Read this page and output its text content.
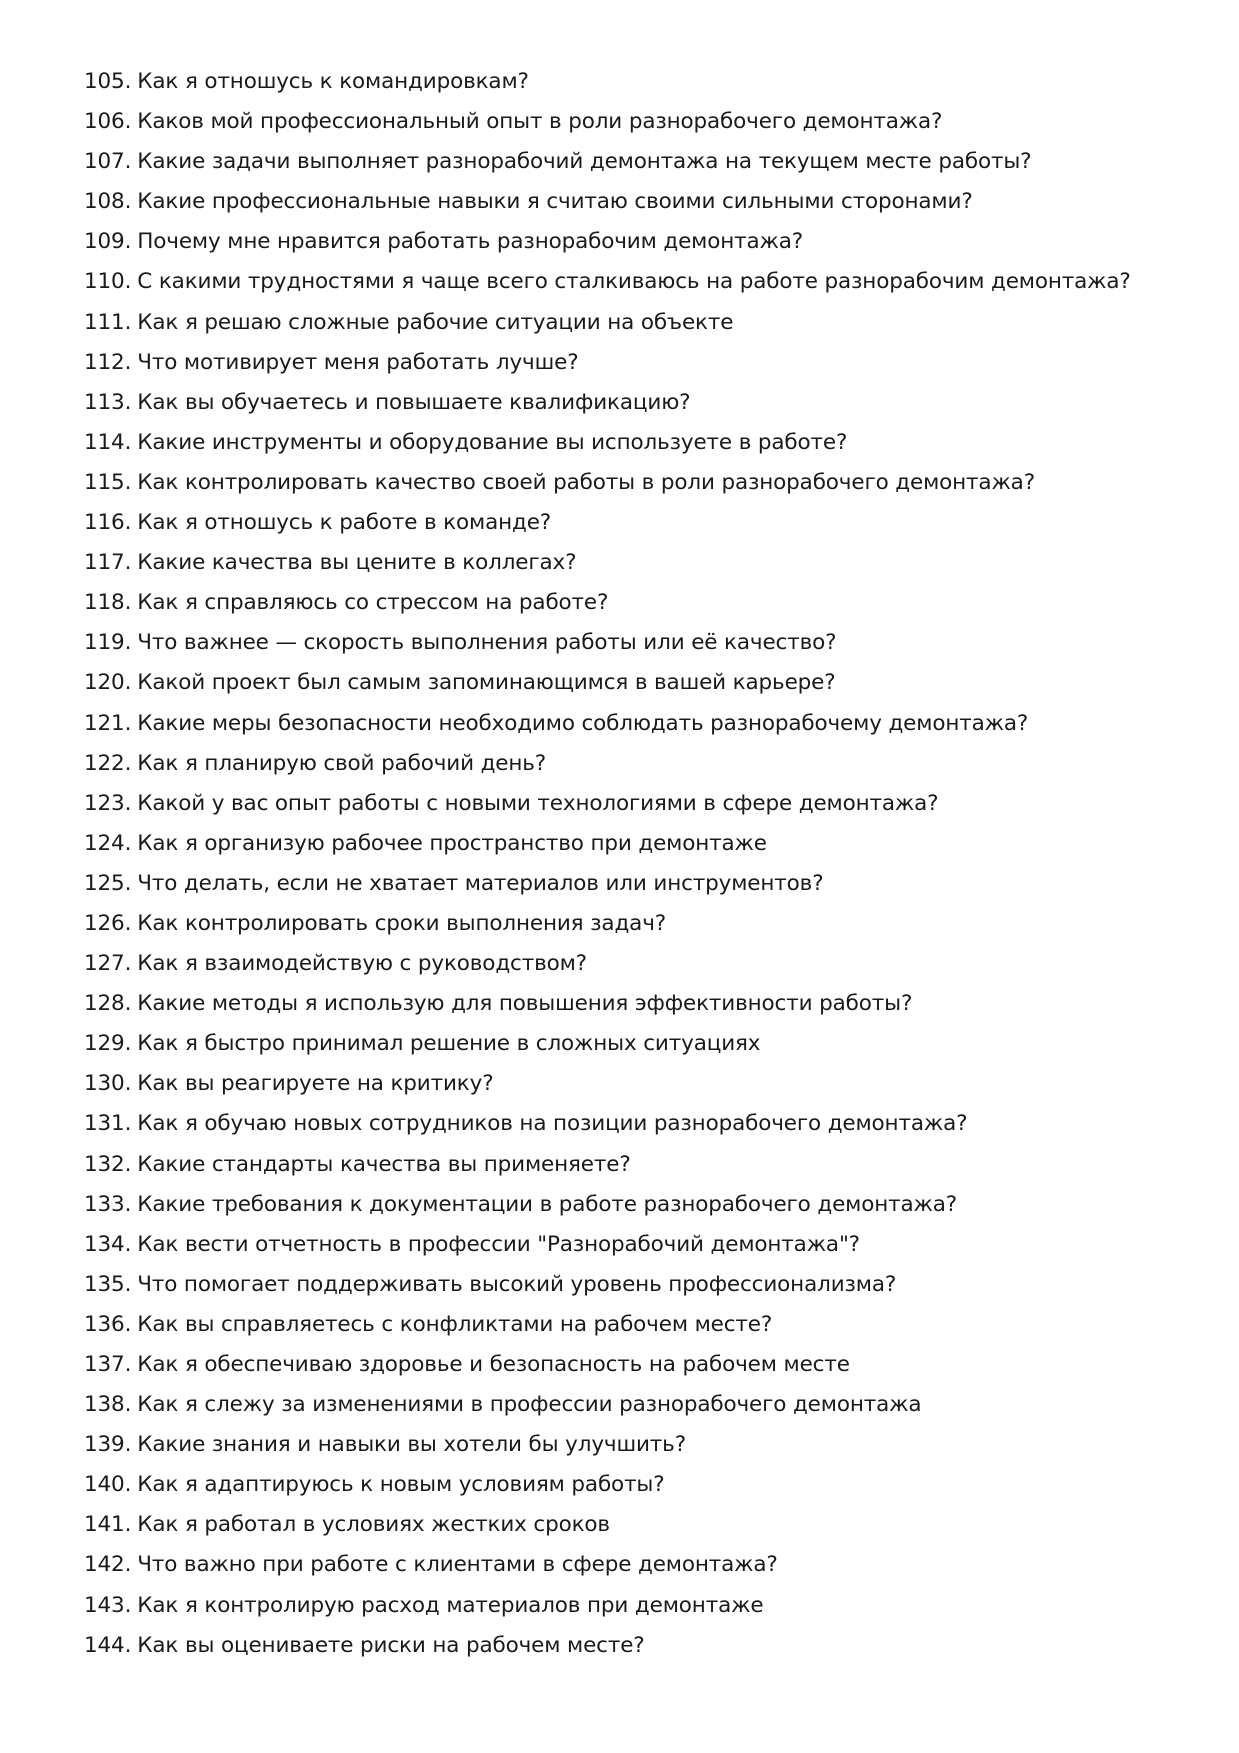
105. Как я отношусь к командировкам?
106. Каков мой профессиональный опыт в роли разнорабочего демонтажа?
107. Какие задачи выполняет разнорабочий демонтажа на текущем месте работы?
108. Какие профессиональные навыки я считаю своими сильными сторонами?
109. Почему мне нравится работать разнорабочим демонтажа?
110. С какими трудностями я чаще всего сталкиваюсь на работе разнорабочим демонтажа?
111. Как я решаю сложные рабочие ситуации на объекте
112. Что мотивирует меня работать лучше?
113. Как вы обучаетесь и повышаете квалификацию?
114. Какие инструменты и оборудование вы используете в работе?
115. Как контролировать качество своей работы в роли разнорабочего демонтажа?
116. Как я отношусь к работе в команде?
117. Какие качества вы цените в коллегах?
118. Как я справляюсь со стрессом на работе?
119. Что важнее — скорость выполнения работы или её качество?
120. Какой проект был самым запоминающимся в вашей карьере?
121. Какие меры безопасности необходимо соблюдать разнорабочему демонтажа?
122. Как я планирую свой рабочий день?
123. Какой у вас опыт работы с новыми технологиями в сфере демонтажа?
124. Как я организую рабочее пространство при демонтаже
125. Что делать, если не хватает материалов или инструментов?
126. Как контролировать сроки выполнения задач?
127. Как я взаимодействую с руководством?
128. Какие методы я использую для повышения эффективности работы?
129. Как я быстро принимал решение в сложных ситуациях
130. Как вы реагируете на критику?
131. Как я обучаю новых сотрудников на позиции разнорабочего демонтажа?
132. Какие стандарты качества вы применяете?
133. Какие требования к документации в работе разнорабочего демонтажа?
134. Как вести отчетность в профессии "Разнорабочий демонтажа"?
135. Что помогает поддерживать высокий уровень профессионализма?
136. Как вы справляетесь с конфликтами на рабочем месте?
137. Как я обеспечиваю здоровье и безопасность на рабочем месте
138. Как я слежу за изменениями в профессии разнорабочего демонтажа
139. Какие знания и навыки вы хотели бы улучшить?
140. Как я адаптируюсь к новым условиям работы?
141. Как я работал в условиях жестких сроков
142. Что важно при работе с клиентами в сфере демонтажа?
143. Как я контролирую расход материалов при демонтаже
144. Как вы оцениваете риски на рабочем месте?
